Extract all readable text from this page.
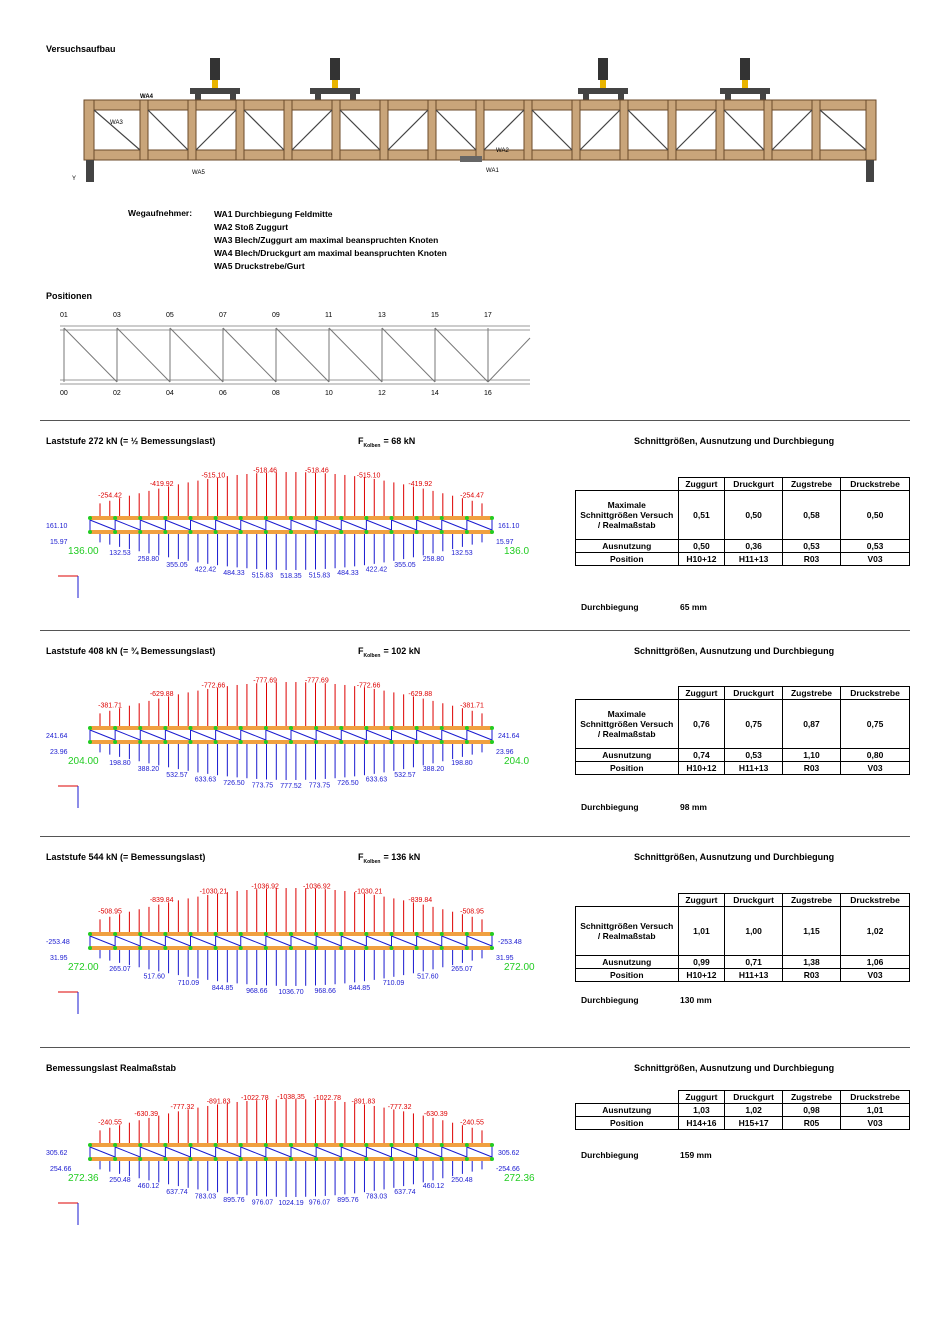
Versuchsaufbau
WA4
WA3
WA5
WA2
WA1
Y
Wegaufnehmer:	WA1 Durchbiegung Feldmitte
WA2 Stoß Zuggurt
WA3 Blech/Zuggurt am maximal beanspruchten Knoten
WA4 Blech/Druckgurt am maximal beanspruchten Knoten
WA5 Druckstrebe/Gurt
Positionen
01	03	05	07	09	11	13	15	17
00	02	04	06	08	10	12	14	16
Laststufe 272 kN (= ½ Bemessungslast)	$F_{Kolben} = 68$ kN	Schnittgrößen, Ausnutzung und Durchbiegung
-254.42
-419.92
-515.10
-518.46	-518.46
-515.10
-419.92
-254.47
132.53
258.80
355.05
422.42
484.33 515.83 518.35 515.83 484.33
422.42
355.05
258.80
132.53
161.10
15.97
161.10
15.97
136.00	136.0
	Zuggurt	Druckgurt	Zugstrebe	Druckstrebe
Maximale Schnittgrößen Versuch / Realmaßstab	0,51	0,50	0,58	0,50
Ausnutzung	0,50	0,36	0,53	0,53
Position	H10+12	H11+13	R03	V03
Durchbiegung	65 mm
Laststufe 408 kN (= ¾ Bemessungslast)	$F_{Kolben} = 102$ kN	Schnittgrößen, Ausnutzung und Durchbiegung
-381.71
-629.88
-772.66
-777.69	-777.69
-772.66
-629.88
-381.71
198.80
388.20
532.57
633.63
726.50 773.75 777.52 773.75 726.50
633.63
532.57
388.20
198.80
241.64
23.96
241.64
23.96
204.00	204.0
	Zuggurt	Druckgurt	Zugstrebe	Druckstrebe
Maximale Schnittgrößen Versuch / Realmaßstab	0,76	0,75	0,87	0,75
Ausnutzung	0,74	0,53	1,10	0,80
Position	H10+12	H11+13	R03	V03
Durchbiegung	98 mm
Laststufe 544 kN (= Bemessungslast)	$F_{Kolben} = 136$ kN	Schnittgrößen, Ausnutzung und Durchbiegung
-508.95
-839.84
-1030.21
-1036.92	-1036.92
-1030.21
-839.84
-508.95
265.07
517.60
710.09
844.85 968.66 1036.70 968.66 844.85
710.09
517.60
265.07
-253.48
31.95
-253.48
31.95
272.00	272.00
	Zuggurt	Druckgurt	Zugstrebe	Druckstrebe
Schnittgrößen Versuch / Realmaßstab	1,01	1,00	1,15	1,02
Ausnutzung	0,99	0,71	1,38	1,06
Position	H10+12	H11+13	R03	V03
Durchbiegung	130 mm
Bemessungslast Realmaßstab	Schnittgrößen, Ausnutzung und Durchbiegung
-240.55
-630.39
-777.32
-891.83 -1022.78 -1038.35 -1022.78 -891.83
-777.32
-630.39
-240.55
250.48
460.12
637.74
783.03
895.76 976.07 1024.19 976.07 895.76
783.03
637.74
460.12
250.48
305.62
254.66
305.62
-254.66
272.36	272.36
	Zuggurt	Druckgurt	Zugstrebe	Druckstrebe
Ausnutzung	1,03	1,02	0,98	1,01
Position	H14+16	H15+17	R05	V03
Durchbiegung	159 mm
